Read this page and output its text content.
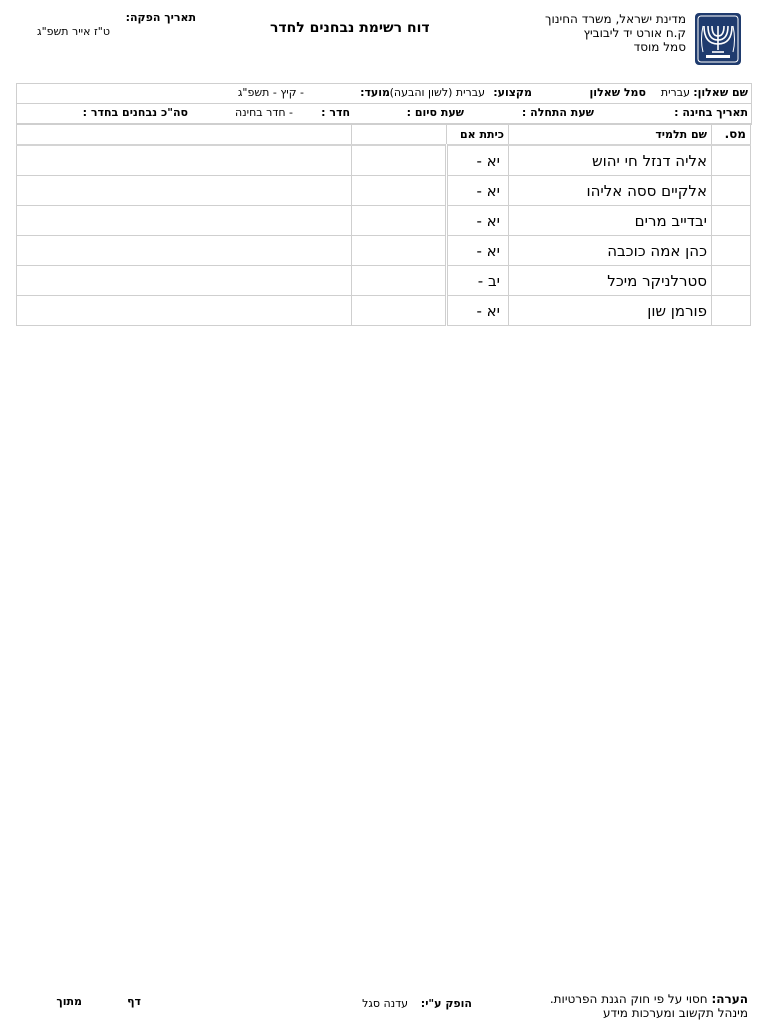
מדינת ישראל, משרד החינוך
ק.ח אורט יד ליבוביץ
סמל מוסד
דוח רשימת נבחנים לחדר
תאריך הפקה:
ט"ז אייר תשפ"ג
שם שאלון:
עברית
סמל שאלון
מקצוע:
עברית (לשון והבעה)
מועד:
- קיץ - תשפ"ג
תאריך בחינה :
שעת התחלה :
שעת סיום :
חדר :
- חדר בחינה
סה"כ נבחנים בחדר :
מס.	שם תלמיד	כיתת אם		
	אליה דנזל חי יהוש	יא -		
	אלקיים ססה אליהו	יא -		
	יבדייב מרים	יא -		
	כהן אמה כוכבה	יא -		
	סטרלניקר מיכל	יב -		
	פורמן שון	יא -		
הערה: חסוי על פי חוק הגנת הפרטיות.
מינהל תקשוב ומערכות מידע
הופק ע"י:
עדנה סגל
דף
מתוך
